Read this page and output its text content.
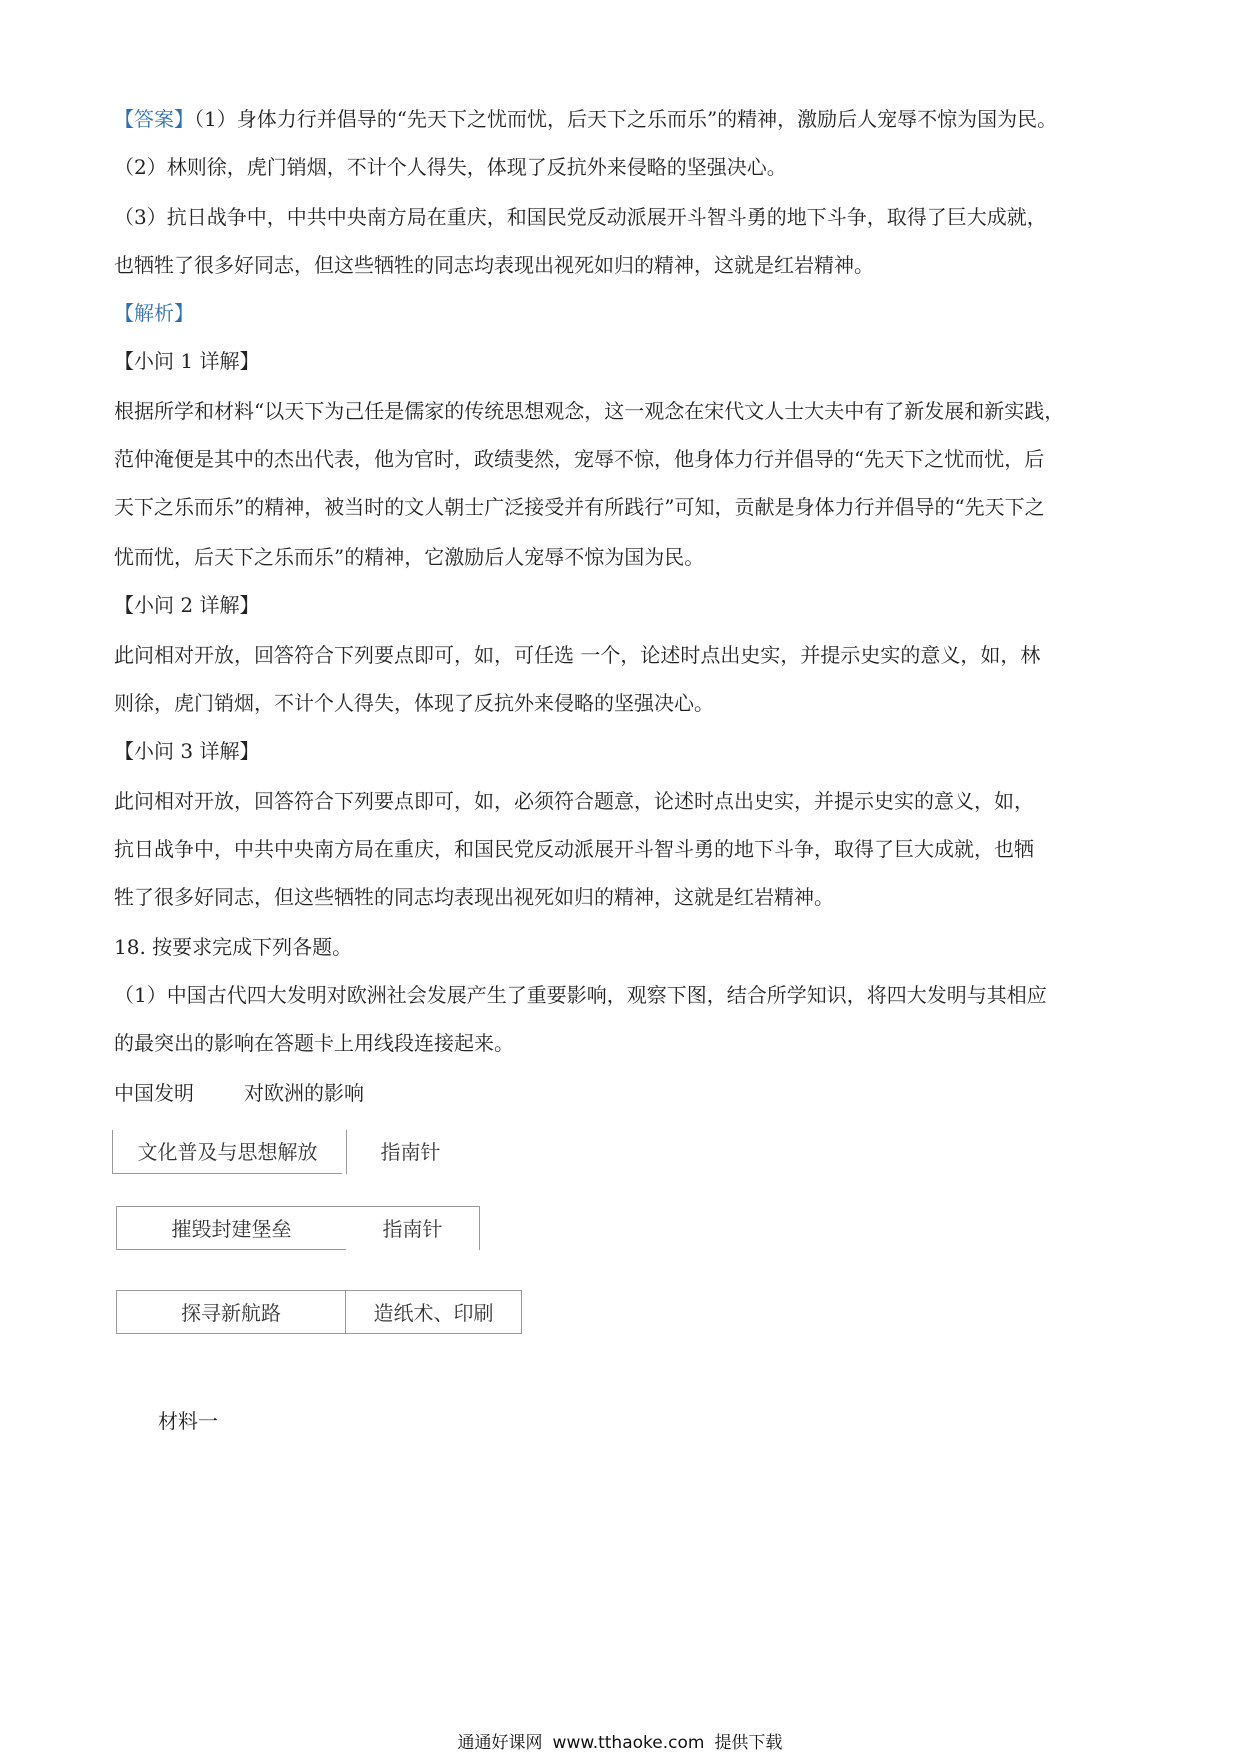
【答案】（1）身体力行并倡导的“先天下之忧而忧，后天下之乐而乐”的精神，激励后人宠辱不惊为国为民。
（2）林则徐，虎门销烟，不计个人得失，体现了反抗外来侵略的坚强决心。
（3）抗日战争中，中共中央南方局在重庆，和国民党反动派展开斗智斗勇的地下斗争，取得了巨大成就，
也牺牲了很多好同志，但这些牺牲的同志均表现出视死如归的精神，这就是红岩精神。
【解析】
【小问 1 详解】
根据所学和材料“以天下为己任是儒家的传统思想观念，这一观念在宋代文人士大夫中有了新发展和新实践，
范仲淹便是其中的杰出代表，他为官时，政绩斐然，宠辱不惊，他身体力行并倡导的“先天下之忧而忧，后
天下之乐而乐”的精神，被当时的文人朝士广泛接受并有所践行”可知，贡献是身体力行并倡导的“先天下之
忧而忧，后天下之乐而乐”的精神，它激励后人宠辱不惊为国为民。
【小问 2 详解】
此问相对开放，回答符合下列要点即可，如，可任选 一个，论述时点出史实，并提示史实的意义，如，林
则徐，虎门销烟，不计个人得失，体现了反抗外来侵略的坚强决心。
【小问 3 详解】
此问相对开放，回答符合下列要点即可，如，必须符合题意，论述时点出史实，并提示史实的意义，如，
抗日战争中，中共中央南方局在重庆，和国民党反动派展开斗智斗勇的地下斗争，取得了巨大成就，也牺
牲了很多好同志，但这些牺牲的同志均表现出视死如归的精神，这就是红岩精神。
18. 按要求完成下列各题。
（1）中国古代四大发明对欧洲社会发展产生了重要影响，观察下图，结合所学知识，将四大发明与其相应
的最突出的影响在答题卡上用线段连接起来。
中国发明	对欧洲的影响
文化普及与思想解放	指南针
摧毁封建堡垒	指南针
探寻新航路	造纸术、印刷
材料一
通通好课网 www.tthaoke.com 提供下载
